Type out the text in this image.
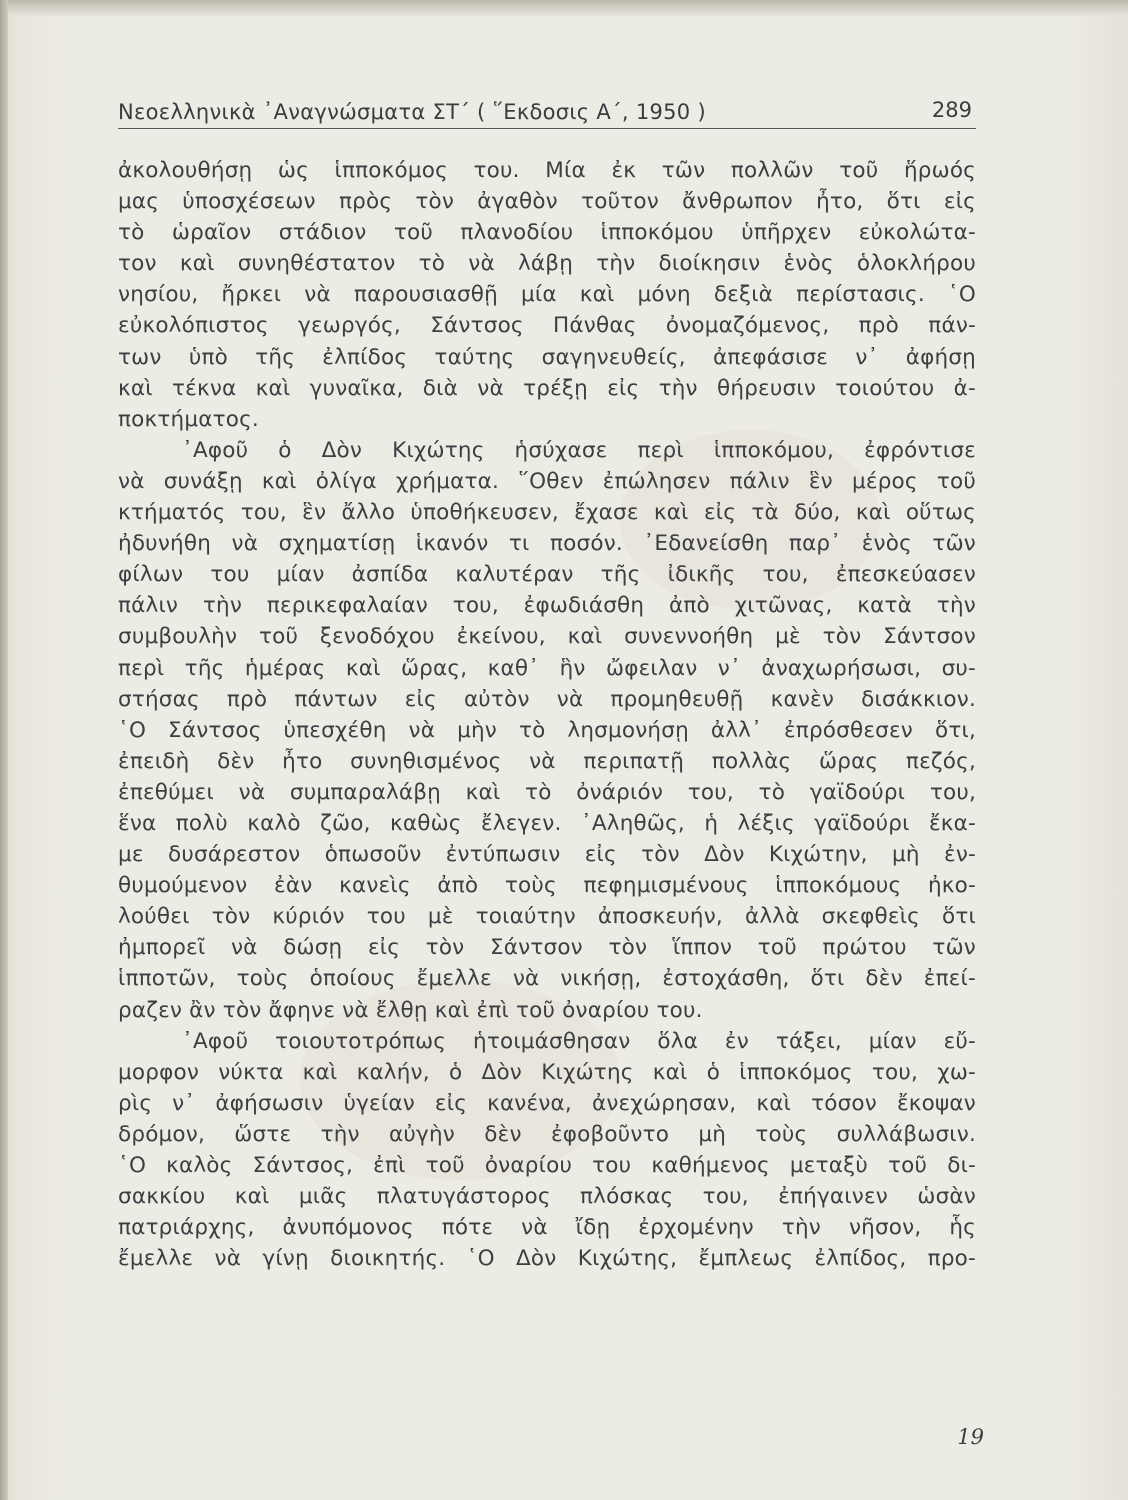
Νεοελληνικὰ ᾿Αναγνώσματα ΣΤ΄ ( ῞Εκδοσις Α΄, 1950 )	289
ἀκολουθήσῃ ὡς ἱπποκόμος του. Μία ἐκ τῶν πολλῶν τοῦ ἥρωός
μας ὑποσχέσεων πρὸς τὸν ἀγαθὸν τοῦτον ἄνθρωπον ἦτο, ὅτι εἰς
τὸ ὡραῖον στάδιον τοῦ πλανοδίου ἱπποκόμου ὑπῆρχεν εὐκολώτα-
τον καὶ συνηθέστατον τὸ νὰ λάβῃ τὴν διοίκησιν ἑνὸς ὁλοκλήρου
νησίου, ἤρκει νὰ παρουσιασθῇ μία καὶ μόνη δεξιὰ περίστασις. ῾Ο
εὐκολόπιστος γεωργός, Σάντσος Πάνθας ὀνομαζόμενος, πρὸ πάν-
των ὑπὸ τῆς ἐλπίδος ταύτης σαγηνευθείς, ἀπεφάσισε ν᾿ ἀφήσῃ
καὶ τέκνα καὶ γυναῖκα, διὰ νὰ τρέξῃ εἰς τὴν θήρευσιν τοιούτου ἀ-
ποκτήματος.
᾿Αφοῦ ὁ Δὸν Κιχώτης ἡσύχασε περὶ ἱπποκόμου, ἐφρόντισε
νὰ συνάξῃ καὶ ὀλίγα χρήματα. ῞Οθεν ἐπώλησεν πάλιν ἓν μέρος τοῦ
κτήματός του, ἓν ἄλλο ὑποθήκευσεν, ἔχασε καὶ εἰς τὰ δύο, καὶ οὕτως
ἠδυνήθη νὰ σχηματίσῃ ἱκανόν τι ποσόν. ᾿Εδανείσθη παρ᾿ ἑνὸς τῶν
φίλων του μίαν ἀσπίδα καλυτέραν τῆς ἰδικῆς του, ἐπεσκεύασεν
πάλιν τὴν περικεφαλαίαν του, ἐφωδιάσθη ἀπὸ χιτῶνας, κατὰ τὴν
συμβουλὴν τοῦ ξενοδόχου ἐκείνου, καὶ συνεννοήθη μὲ τὸν Σάντσον
περὶ τῆς ἡμέρας καὶ ὥρας, καθ᾿ ἣν ὤφειλαν ν᾿ ἀναχωρήσωσι, συ-
στήσας πρὸ πάντων εἰς αὐτὸν νὰ προμηθευθῇ κανὲν δισάκκιον.
῾Ο Σάντσος ὑπεσχέθη νὰ μὴν τὸ λησμονήσῃ ἀλλ᾿ ἐπρόσθεσεν ὅτι,
ἐπειδὴ δὲν ἦτο συνηθισμένος νὰ περιπατῇ πολλὰς ὥρας πεζός,
ἐπεθύμει νὰ συμπαραλάβῃ καὶ τὸ ὀνάριόν του, τὸ γαϊδούρι του,
ἕνα πολὺ καλὸ ζῶο, καθὼς ἔλεγεν. ᾿Αληθῶς, ἡ λέξις γαϊδούρι ἔκα-
με δυσάρεστον ὁπωσοῦν ἐντύπωσιν εἰς τὸν Δὸν Κιχώτην, μὴ ἐν-
θυμούμενον ἐὰν κανεὶς ἀπὸ τοὺς πεφημισμένους ἱπποκόμους ἠκο-
λούθει τὸν κύριόν του μὲ τοιαύτην ἀποσκευήν, ἀλλὰ σκεφθεὶς ὅτι
ἠμπορεῖ νὰ δώσῃ εἰς τὸν Σάντσον τὸν ἵππον τοῦ πρώτου τῶν
ἱπποτῶν, τοὺς ὁποίους ἔμελλε νὰ νικήσῃ, ἐστοχάσθη, ὅτι δὲν ἐπεί-
ραζεν ἂν τὸν ἄφηνε νὰ ἔλθῃ καὶ ἐπὶ τοῦ ὀναρίου του.
᾿Αφοῦ τοιουτοτρόπως ἡτοιμάσθησαν ὅλα ἐν τάξει, μίαν εὔ-
μορφον νύκτα καὶ καλήν, ὁ Δὸν Κιχώτης καὶ ὁ ἱπποκόμος του, χω-
ρὶς ν᾿ ἀφήσωσιν ὑγείαν εἰς κανένα, ἀνεχώρησαν, καὶ τόσον ἔκοψαν
δρόμον, ὥστε τὴν αὐγὴν δὲν ἐφοβοῦντο μὴ τοὺς συλλάβωσιν.
῾Ο καλὸς Σάντσος, ἐπὶ τοῦ ὀναρίου του καθήμενος μεταξὺ τοῦ δι-
σακκίου καὶ μιᾶς πλατυγάστορος πλόσκας του, ἐπήγαινεν ὡσὰν
πατριάρχης, ἀνυπόμονος πότε νὰ ἴδῃ ἐρχομένην τὴν νῆσον, ἧς
ἔμελλε νὰ γίνῃ διοικητής. ῾Ο Δὸν Κιχώτης, ἔμπλεως ἐλπίδος, προ-
19
